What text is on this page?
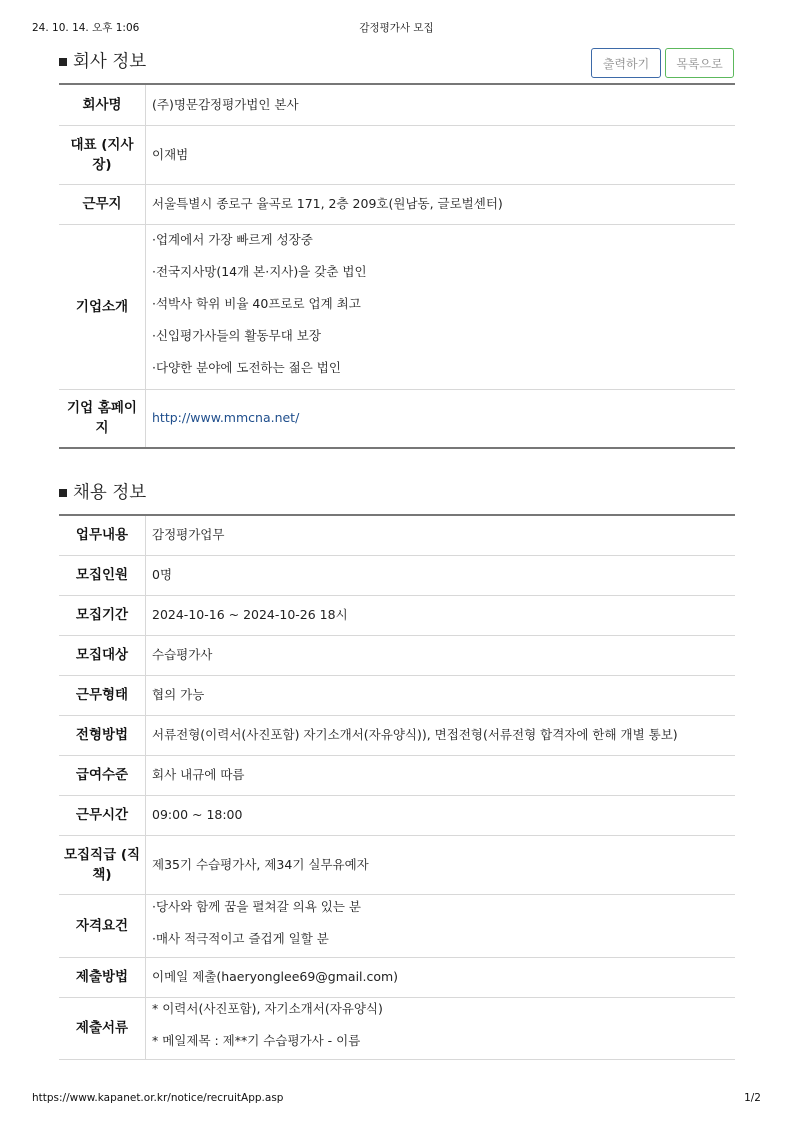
24. 10. 14. 오후 1:06	감정평가사 모집
회사 정보	출력하기	목록으로
회사명	(주)명문감정평가법인 본사

대표 (지사장)	이재범

근무지	서울특별시 종로구 율곡로 171, 2층 209호(원남동, 글로벌센터)

기업소개	·업계에서 가장 빠르게 성장중
·전국지사망(14개 본·지사)을 갖춘 법인
·석박사 학위 비율 40프로로 업계 최고
·신입평가사들의 활동무대 보장
·다양한 분야에 도전하는 젊은 법인

기업 홈페이지	http://www.mmcna.net/
채용 정보
업무내용	감정평가업무

모집인원	0명

모집기간	2024-10-16 ~ 2024-10-26 18시

모집대상	수습평가사

근무형태	협의 가능

전형방법	서류전형(이력서(사진포함) 자기소개서(자유양식)), 면접전형(서류전형 합격자에 한해 개별 통보)

급여수준	회사 내규에 따름

근무시간	09:00 ~ 18:00

모집직급 (직책)	제35기 수습평가사, 제34기 실무유예자

자격요건	·당사와 함께 꿈을 펼쳐갈 의욕 있는 분
·매사 적극적이고 즐겁게 일할 분

제출방법	이메일 제출(haeryonglee69@gmail.com)

제출서류	* 이력서(사진포함), 자기소개서(자유양식)
* 메일제목 : 제**기 수습평가사 - 이름
https://www.kapanet.or.kr/notice/recruitApp.asp	1/2
